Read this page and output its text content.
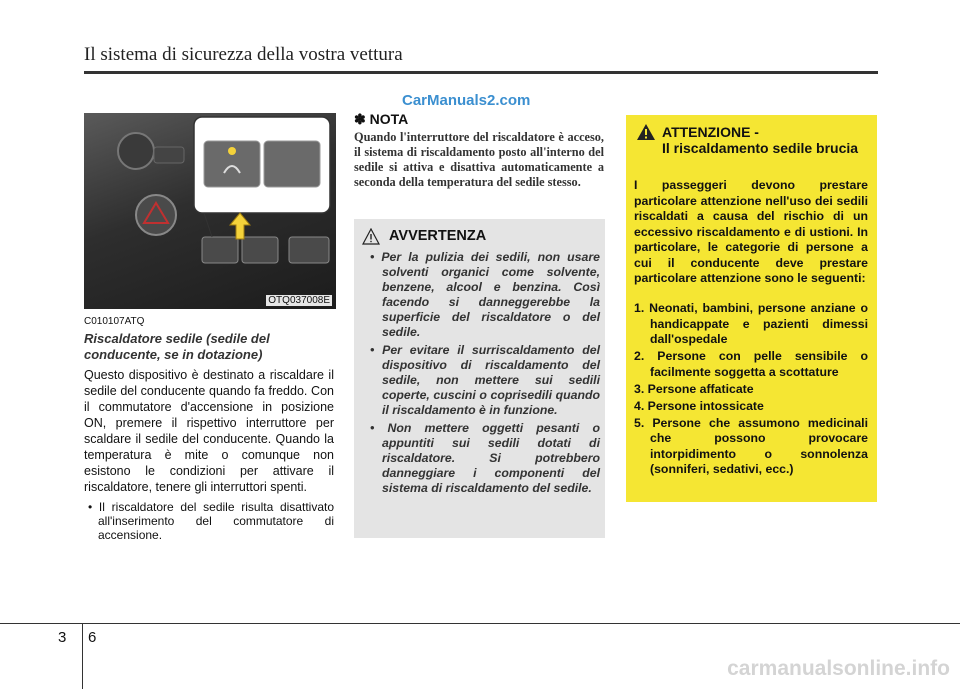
Il sistema di sicurezza della vostra vettura
CarManuals2.com
OTQ037008E
C010107ATQ
Riscaldatore sedile (sedile del conducente, se in dotazione)
Questo dispositivo è destinato a riscaldare il sedile del conducente quando fa freddo. Con il commutatore d'accensione in posizione ON, premere il rispettivo interruttore per scaldare il sedile del conducente. Quando la temperatura è mite o comunque non esistono le condizioni per attivare il riscaldatore, tenere gli interruttori spenti.
• Il riscaldatore del sedile risulta disattivato all'inserimento del commutatore di accensione.
✽ NOTA
Quando l'interruttore del riscaldatore è acceso, il sistema di riscaldamento posto all'interno del sedile si attiva e disattiva automaticamente a seconda della temperatura del sedile stesso.
AVVERTENZA
• Per la pulizia dei sedili, non usare solventi organici come solvente, benzene, alcool e benzina. Così facendo si danneggerebbe la superficie del riscaldatore o del sedile.
• Per evitare il surriscaldamento del dispositivo di riscaldamento del sedile, non mettere sui sedili coperte, cuscini o coprisedili quando il riscaldamento è in funzione.
• Non mettere oggetti pesanti o appuntiti sui sedili dotati di riscaldatore. Si potrebbero danneggiare i componenti del sistema di riscaldamento del sedile.
ATTENZIONE -
Il riscaldamento sedile brucia
I passeggeri devono prestare particolare attenzione nell'uso dei sedili riscaldati a causa del rischio di un eccessivo riscaldamento e di ustioni. In particolare, le categorie di persone a cui il conducente deve prestare particolare attenzione sono le seguenti:
1. Neonati, bambini, persone anziane o handicappate e pazienti dimessi dall'ospedale
2. Persone con pelle sensibile o facilmente soggetta a scottature
3. Persone affaticate
4. Persone intossicate
5. Persone che assumono medicinali che possono provocare intorpidimento o sonnolenza (sonniferi, sedativi, ecc.)
3 6
carmanualsonline.info
